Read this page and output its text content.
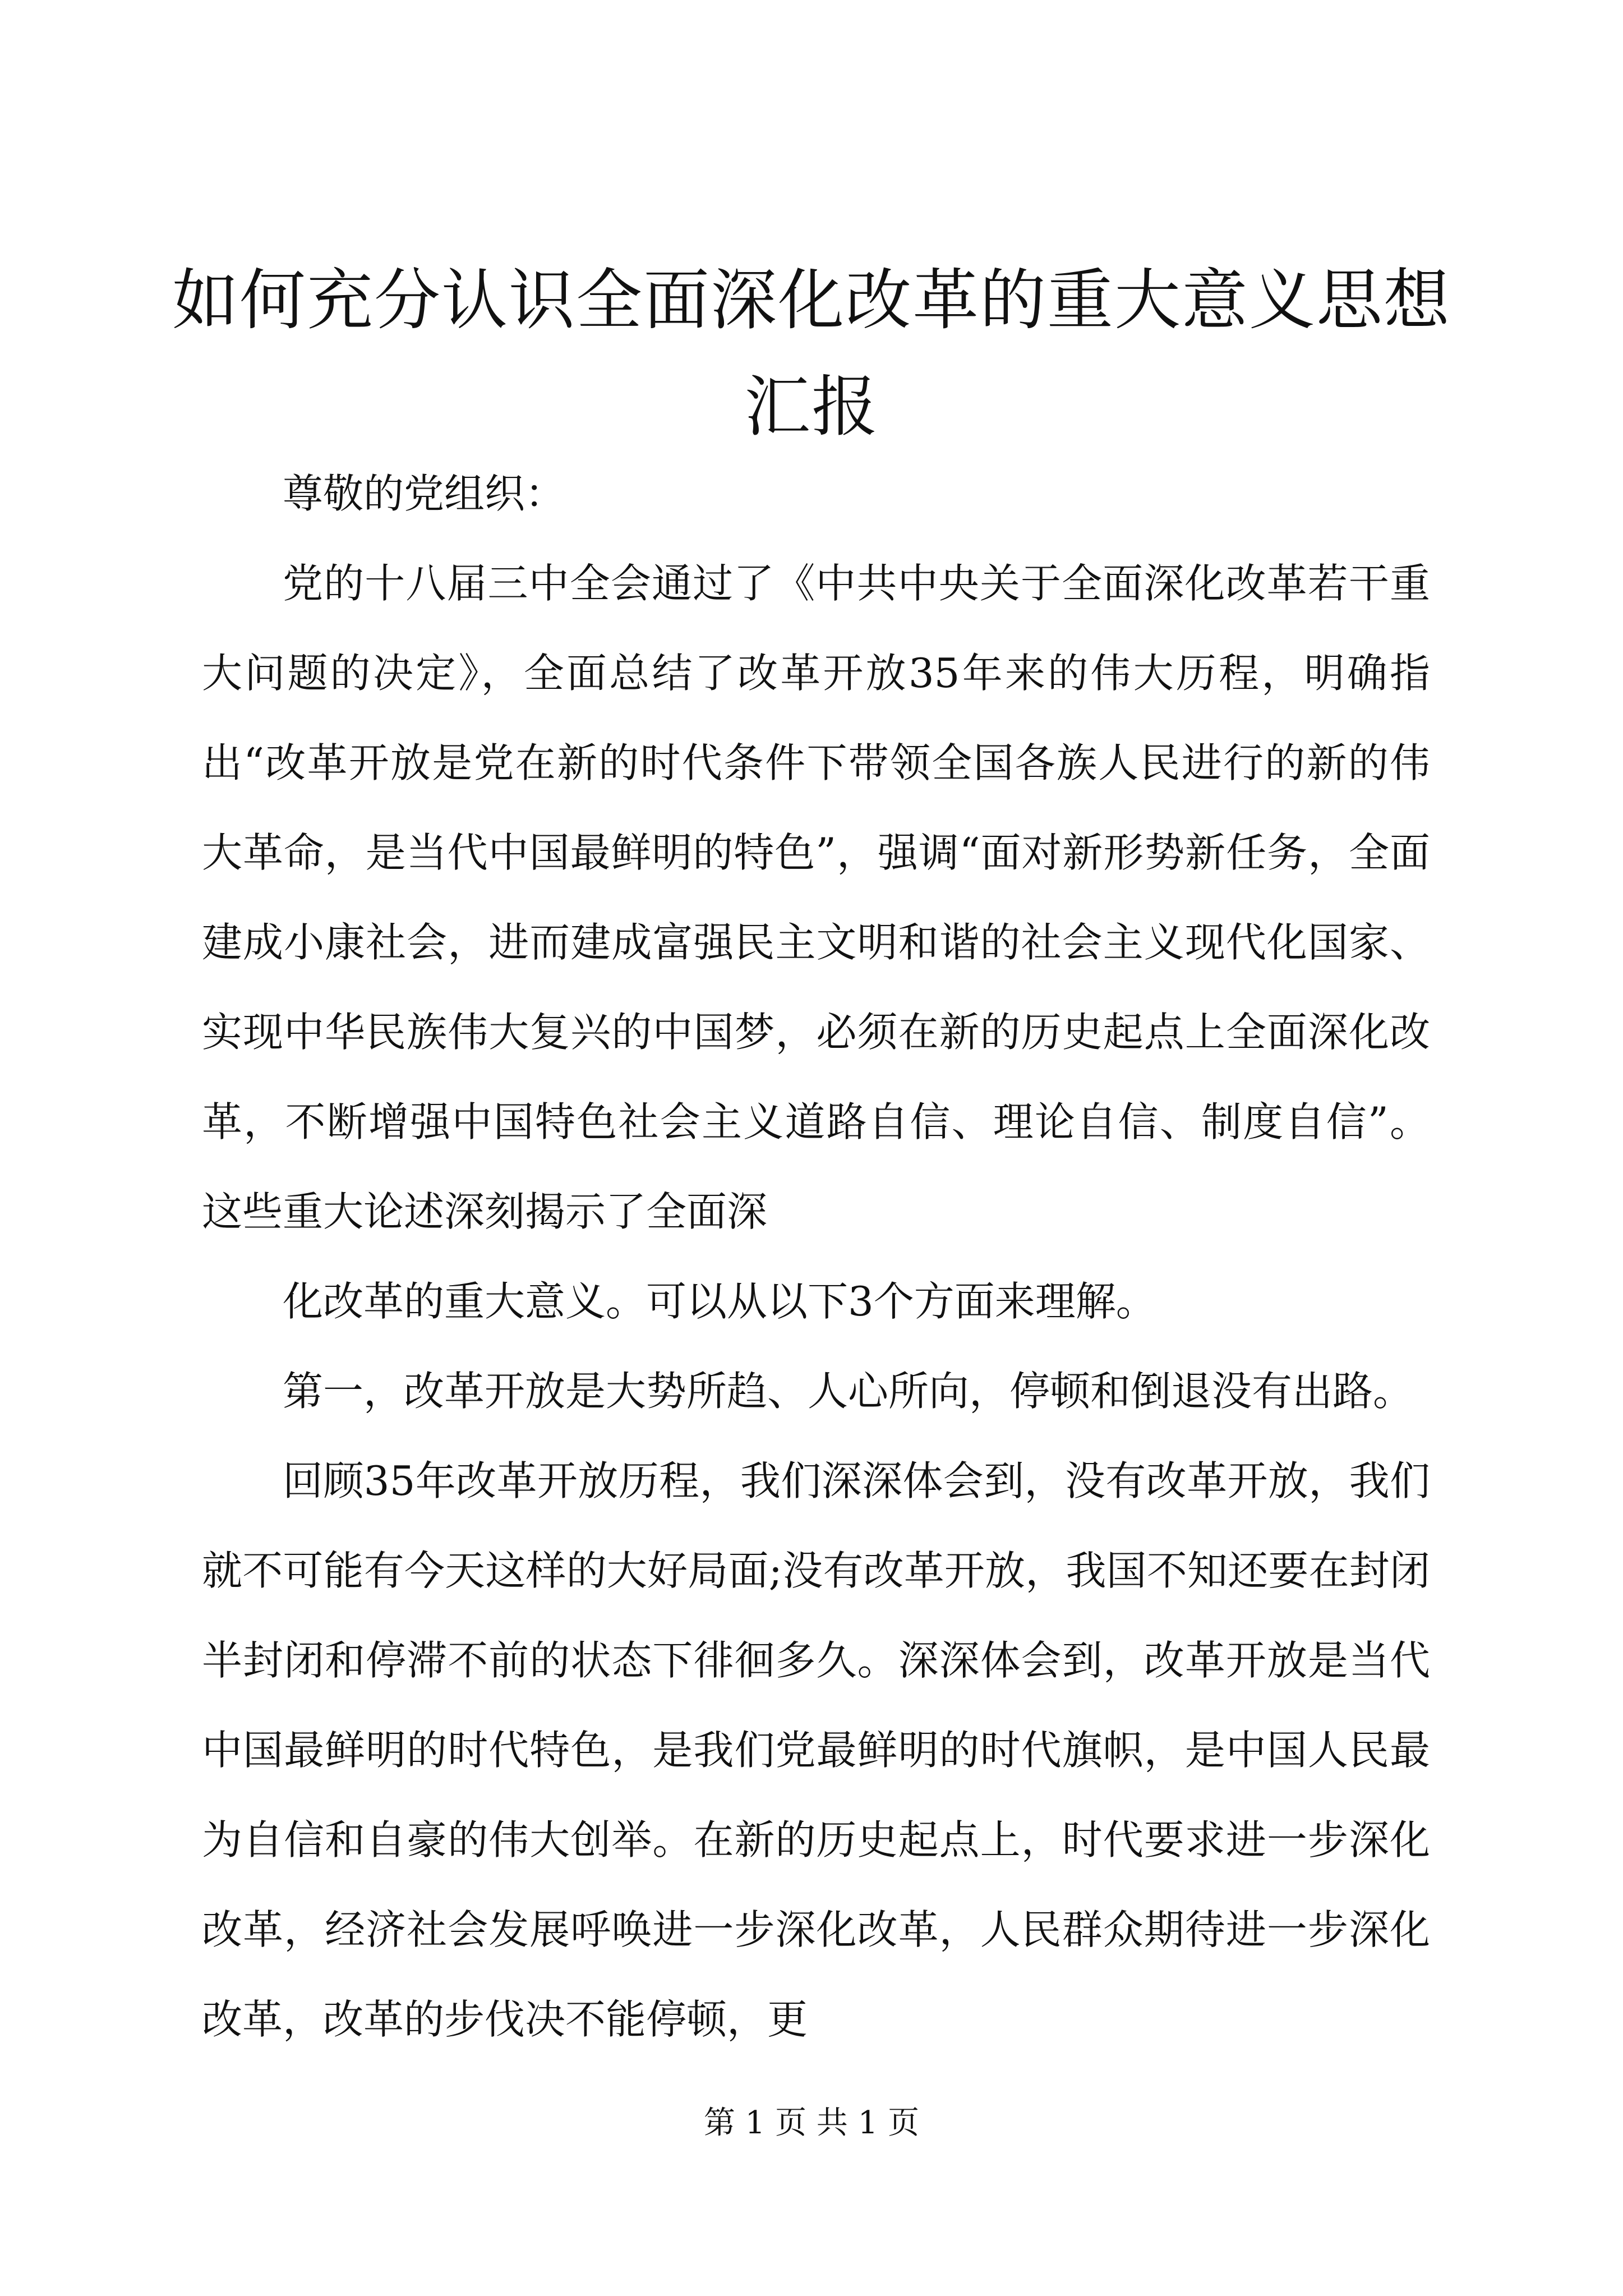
如何充分认识全面深化改革的重大意义思想汇报

尊敬的党组织：

党的十八届三中全会通过了《中共中央关于全面深化改革若干重大问题的决定》，全面总结了改革开放35年来的伟大历程，明确指出“改革开放是党在新的时代条件下带领全国各族人民进行的新的伟大革命，是当代中国最鲜明的特色”，强调“面对新形势新任务，全面建成小康社会，进而建成富强民主文明和谐的社会主义现代化国家、实现中华民族伟大复兴的中国梦，必须在新的历史起点上全面深化改革，不断增强中国特色社会主义道路自信、理论自信、制度自信”。这些重大论述深刻揭示了全面深

化改革的重大意义。可以从以下3个方面来理解。

第一，改革开放是大势所趋、人心所向，停顿和倒退没有出路。

回顾35年改革开放历程，我们深深体会到，没有改革开放，我们就不可能有今天这样的大好局面;没有改革开放，我国不知还要在封闭半封闭和停滞不前的状态下徘徊多久。深深体会到，改革开放是当代中国最鲜明的时代特色，是我们党最鲜明的时代旗帜，是中国人民最为自信和自豪的伟大创举。在新的历史起点上，时代要求进一步深化改革，经济社会发展呼唤进一步深化改革，人民群众期待进一步深化改革，改革的步伐决不能停顿，更

第 1 页 共 1 页
